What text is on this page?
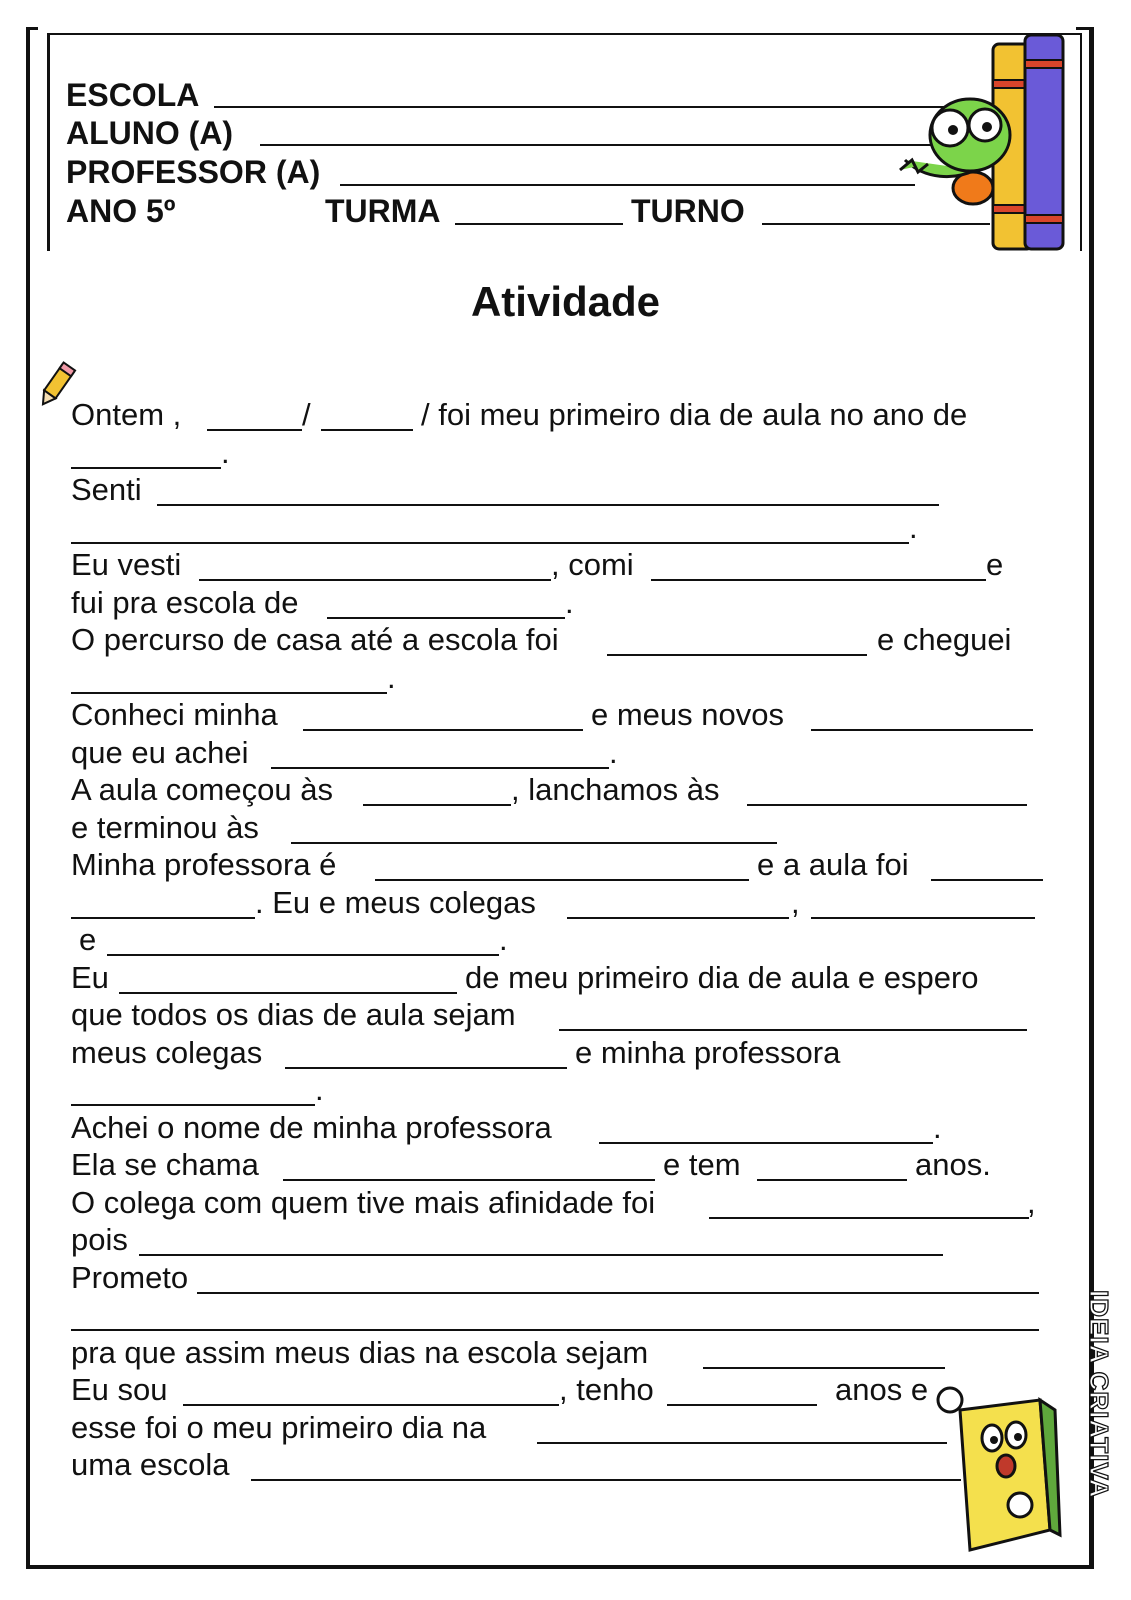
ESCOLA
ALUNO (A)
PROFESSOR (A)
ANO 5º	TURMA	TURNO
Atividade
Ontem ,	/	/ foi meu primeiro dia de aula no ano de
.
Senti
.
Eu vesti	, comi	e
fui pra escola de	.
O percurso de casa até a escola foi	e cheguei
.
Conheci minha	e meus novos
que eu achei	.
A aula começou às	, lanchamos às
e terminou às
Minha professora é	e a aula foi
. Eu e meus colegas	,
e	.
Eu	de meu primeiro dia de aula e espero
que todos os dias de aula sejam
meus colegas	e minha professora
.
Achei o nome de minha professora	.
Ela se chama	e tem	anos.
O colega com quem tive mais afinidade foi	,
pois
Prometo
pra que assim meus dias na escola sejam
Eu sou	, tenho	anos e
esse foi o meu primeiro dia na
uma escola	IDEIA CRIATIVA
